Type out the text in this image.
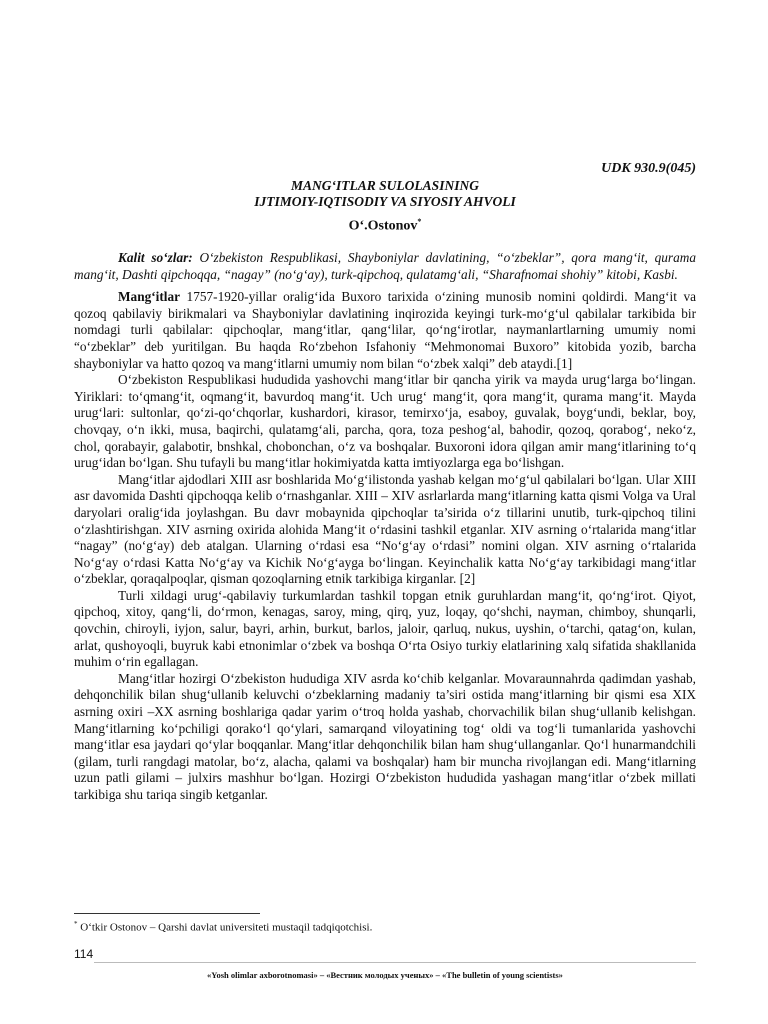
UDK 930.9(045)
MANG‘ITLAR SULOLASINING
IJTIMOIY-IQTISODIY VA SIYOSIY AHVOLI
O‘.Ostonov*

Kalit so‘zlar: O‘zbekiston Respublikasi, Shayboniylar davlatining, “o‘zbeklar”, qora mang‘it, qurama mang‘it, Dashti qipchoqqa, “nagay” (no‘g‘ay), turk-qipchoq, qulatamg‘ali, “Sharafnomai shohiy” kitobi, Kasbi.

Mang‘itlar 1757-1920-yillar oralig‘ida Buxoro tarixida o‘zining munosib nomini qoldirdi. Mang‘it va qozoq qabilaviy birikmalari va Shayboniylar davlatining inqirozida keyingi turk-mo‘g‘ul qabilalar tarkibida bir nomdagi turli qabilalar: qipchoqlar, mang‘itlar, qang‘lilar, qo‘ng‘irotlar, naymanlartlarning umumiy nomi “o‘zbeklar” deb yuritilgan. Bu haqda Ro‘zbehon Isfahoniy “Mehmonomai Buxoro” kitobida yozib, barcha shayboniylar va hatto qozoq va mang‘itlarni umumiy nom bilan “o‘zbek xalqi” deb ataydi.[1]

O‘zbekiston Respublikasi hududida yashovchi mang‘itlar bir qancha yirik va mayda urug‘larga bo‘lingan. Yiriklari: to‘qmang‘it, oqmang‘it, bavurdoq mang‘it. Uch urug‘ mang‘it, qora mang‘it, qurama mang‘it. Mayda urug‘lari: sultonlar, qo‘zi-qo‘chqorlar, kushardori, kirasor, temirxo‘ja, esaboy, guvalak, boyg‘undi, beklar, boy, chovqay, o‘n ikki, musa, baqirchi, qulatamg‘ali, parcha, qora, toza peshog‘al, bahodir, qozoq, qorabog‘, neko‘z, chol, qorabayir, galabotir, bnshkal, chobonchan, o‘z va boshqalar. Buxoroni idora qilgan amir mang‘itlarining to‘q urug‘idan bo‘lgan. Shu tufayli bu mang‘itlar hokimiyatda katta imtiyozlarga ega bo‘lishgan.

Mang‘itlar ajdodlari XIII asr boshlarida Mo‘g‘ilistonda yashab kelgan mo‘g‘ul qabilalari bo‘lgan. Ular XIII asr davomida Dashti qipchoqqa kelib o‘rnashganlar. XIII – XIV asrlarlarda mang‘itlarning katta qismi Volga va Ural daryolari oralig‘ida joylashgan. Bu davr mobaynida qipchoqlar ta’sirida o‘z tillarini unutib, turk-qipchoq tilini o‘zlashtirishgan. XIV asrning oxirida alohida Mang‘it o‘rdasini tashkil etganlar. XIV asrning o‘rtalarida mang‘itlar “nagay” (no‘g‘ay) deb atalgan. Ularning o‘rdasi esa “No‘g‘ay o‘rdasi” nomini olgan. XIV asrning o‘rtalarida No‘g‘ay o‘rdasi Katta No‘g‘ay va Kichik No‘g‘ayga bo‘lingan. Keyinchalik katta No‘g‘ay tarkibidagi mang‘itlar o‘zbeklar, qoraqalpoqlar, qisman qozoqlarning etnik tarkibiga kirganlar. [2]

Turli xildagi urug‘-qabilaviy turkumlardan tashkil topgan etnik guruhlardan mang‘it, qo‘ng‘irot. Qiyot, qipchoq, xitoy, qang‘li, do‘rmon, kenagas, saroy, ming, qirq, yuz, loqay, qo‘shchi, nayman, chimboy, shunqarli, qovchin, chiroyli, iyjon, salur, bayri, arhin, burkut, barlos, jaloir, qarluq, nukus, uyshin, o‘tarchi, qatag‘on, kulan, arlat, qushoyoqli, buyruk kabi etnonimlar o‘zbek va boshqa O‘rta Osiyo turkiy elatlarining xalq sifatida shakllanida muhim o‘rin egallagan.

Mang‘itlar hozirgi O‘zbekiston hududiga XIV asrda ko‘chib kelganlar. Movaraunnahrda qadimdan yashab, dehqonchilik bilan shug‘ullanib keluvchi o‘zbeklarning madaniy ta’siri ostida mang‘itlarning bir qismi esa XIX asrning oxiri –XX asrning boshlariga qadar yarim o‘troq holda yashab, chorvachilik bilan shug‘ullanib kelishgan. Mang‘itlarning ko‘pchiligi qorako‘l qo‘ylari, samarqand viloyatining tog‘ oldi va tog‘li tumanlarida yashovchi mang‘itlar esa jaydari qo‘ylar boqqanlar. Mang‘itlar dehqonchilik bilan ham shug‘ullanganlar. Qo‘l hunarmandchili (gilam, turli rangdagi matolar, bo‘z, alacha, qalami va boshqalar) ham bir muncha rivojlangan edi. Mang‘itlarning uzun patli gilami – julxirs mashhur bo‘lgan. Hozirgi O‘zbekiston hududida yashagan mang‘itlar o‘zbek millati tarkibiga shu tariqa singib ketganlar.

* O‘tkir Ostonov – Qarshi davlat universiteti mustaqil tadqiqotchisi.
114
«Yosh olimlar axborotnomasi» – «Вестник молодых ученых» – «The bulletin of young scientists»
